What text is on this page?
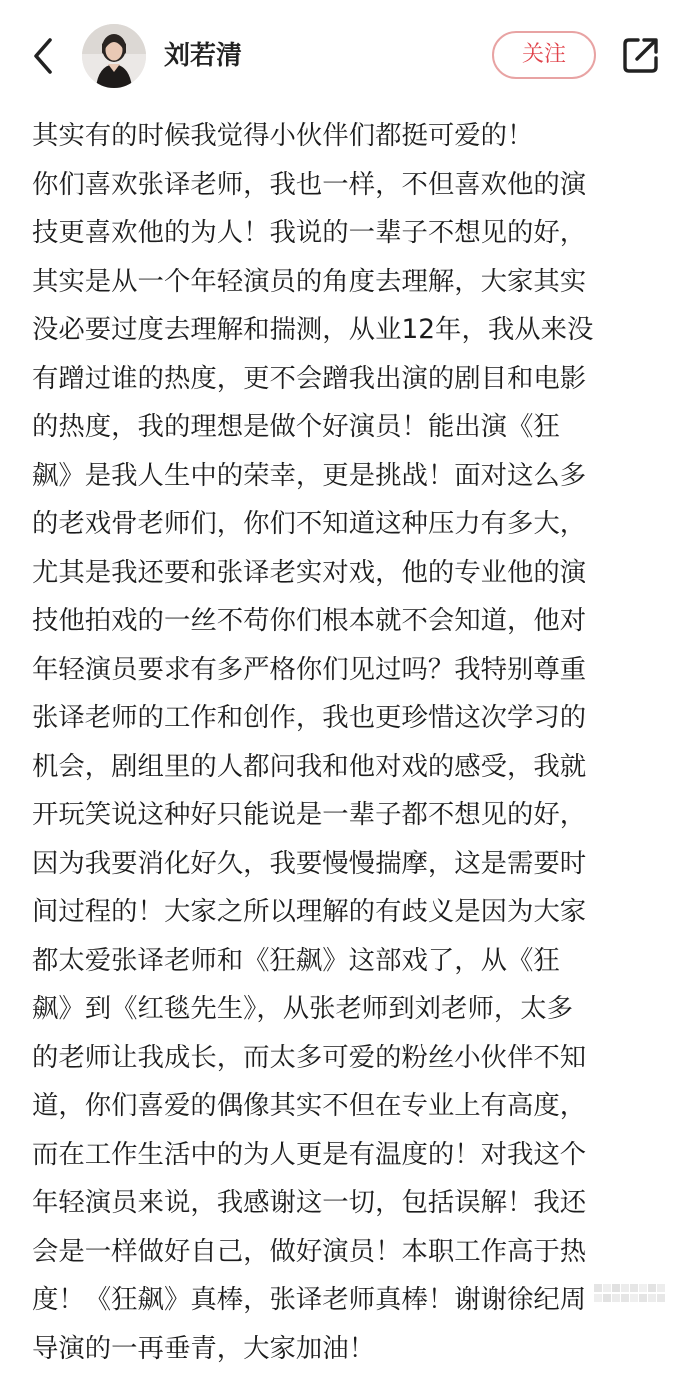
刘若清	关注
其实有的时候我觉得小伙伴们都挺可爱的！
你们喜欢张译老师，我也一样，不但喜欢他的演
技更喜欢他的为人！我说的一辈子不想见的好，
其实是从一个年轻演员的角度去理解，大家其实
没必要过度去理解和揣测，从业12年，我从来没
有蹭过谁的热度，更不会蹭我出演的剧目和电影
的热度，我的理想是做个好演员！能出演《狂
飙》是我人生中的荣幸，更是挑战！面对这么多
的老戏骨老师们，你们不知道这种压力有多大，
尤其是我还要和张译老实对戏，他的专业他的演
技他拍戏的一丝不苟你们根本就不会知道，他对
年轻演员要求有多严格你们见过吗？我特别尊重
张译老师的工作和创作，我也更珍惜这次学习的
机会，剧组里的人都问我和他对戏的感受，我就
开玩笑说这种好只能说是一辈子都不想见的好，
因为我要消化好久，我要慢慢揣摩，这是需要时
间过程的！大家之所以理解的有歧义是因为大家
都太爱张译老师和《狂飙》这部戏了，从《狂
飙》到《红毯先生》，从张老师到刘老师，太多
的老师让我成长，而太多可爱的粉丝小伙伴不知
道，你们喜爱的偶像其实不但在专业上有高度，
而在工作生活中的为人更是有温度的！对我这个
年轻演员来说，我感谢这一切，包括误解！我还
会是一样做好自己，做好演员！本职工作高于热
度！《狂飙》真棒，张译老师真棒！谢谢徐纪周
导演的一再垂青，大家加油！
